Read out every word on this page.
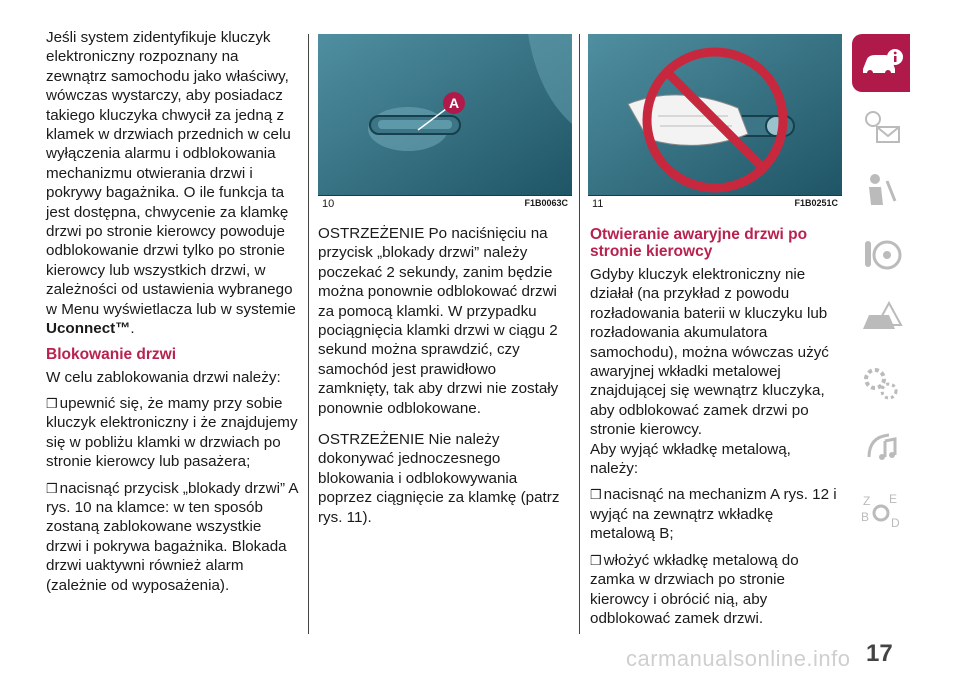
Jeśli system zidentyfikuje kluczyk elektroniczny rozpoznany na zewnątrz samochodu jako właściwy, wówczas wystarczy, aby posiadacz takiego kluczyka chwycił za jedną z klamek w drzwiach przednich w celu wyłączenia alarmu i odblokowania mechanizmu otwierania drzwi i pokrywy bagażnika. O ile funkcja ta jest dostępna, chwycenie za klamkę drzwi po stronie kierowcy powoduje odblokowanie drzwi tylko po stronie kierowcy lub wszystkich drzwi, w zależności od ustawienia wybranego w Menu wyświetlacza lub w systemie Uconnect™.

Blokowanie drzwi

W celu zablokowania drzwi należy:

❒ upewnić się, że mamy przy sobie kluczyk elektroniczny i że znajdujemy się w pobliżu klamki w drzwiach po stronie kierowcy lub pasażera;

❒ nacisnąć przycisk „blokady drzwi” A rys. 10 na klamce: w ten sposób zostaną zablokowane wszystkie drzwi i pokrywa bagażnika. Blokada drzwi uaktywni również alarm (zależnie od wyposażenia).

A
10	F1B0063C 11	F1B0251C

OSTRZEŻENIE Po naciśnięciu na przycisk „blokady drzwi” należy poczekać 2 sekundy, zanim będzie można ponownie odblokować drzwi za pomocą klamki. W przypadku pociągnięcia klamki drzwi w ciągu 2 sekund można sprawdzić, czy samochód jest prawidłowo zamknięty, tak aby drzwi nie zostały ponownie odblokowane.

OSTRZEŻENIE Nie należy dokonywać jednoczesnego blokowania i odblokowywania poprzez ciągnięcie za klamkę (patrz rys. 11).

Otwieranie awaryjne drzwi po stronie kierowcy

Gdyby kluczyk elektroniczny nie działał (na przykład z powodu rozładowania baterii w kluczyku lub rozładowania akumulatora samochodu), można wówczas użyć awaryjnej wkładki metalowej znajdującej się wewnątrz kluczyka, aby odblokować zamek drzwi po stronie kierowcy.

Aby wyjąć wkładkę metalową, należy:

❒ nacisnąć na mechanizm A rys. 12 i wyjąć na zewnątrz wkładkę metalową B;

❒ włożyć wkładkę metalową do zamka w drzwiach po stronie kierowcy i obrócić nią, aby odblokować zamek drzwi.

Z E
B D
17
carmanualsonline.info
